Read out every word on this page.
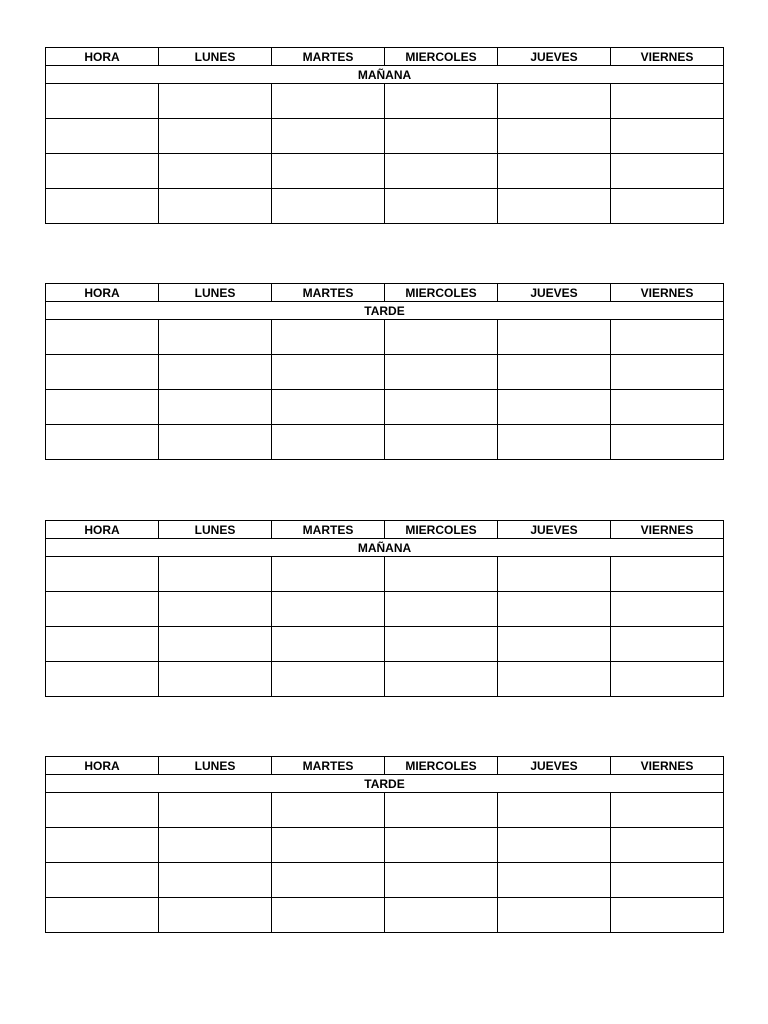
HORA	LUNES	MARTES	MIERCOLES	JUEVES	VIERNES
MAÑANA					

HORA	LUNES	MARTES	MIERCOLES	JUEVES	VIERNES
TARDE					

HORA	LUNES	MARTES	MIERCOLES	JUEVES	VIERNES
MAÑANA					

HORA	LUNES	MARTES	MIERCOLES	JUEVES	VIERNES
TARDE					
